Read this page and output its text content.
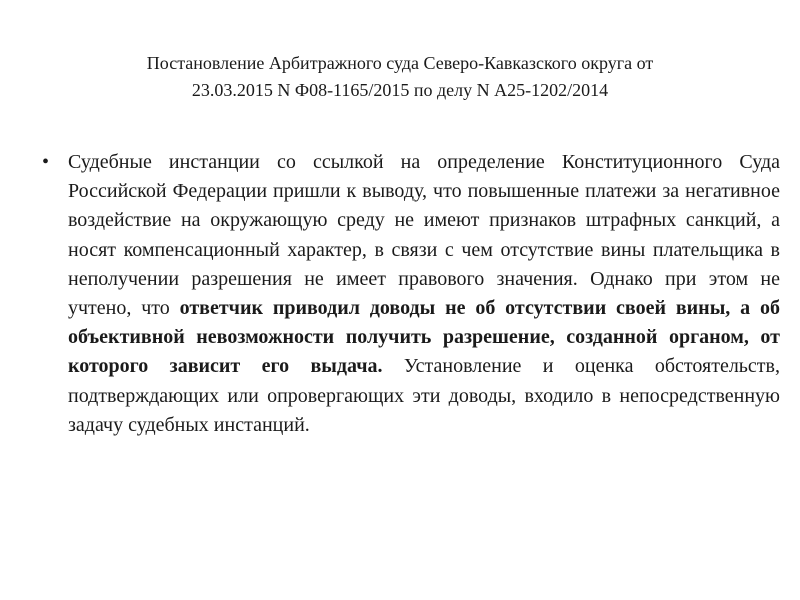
Постановление Арбитражного суда Северо-Кавказского округа от
23.03.2015 N Ф08-1165/2015 по делу N А25-1202/2014
• Судебные инстанции со ссылкой на определение Конституционного Суда Российской Федерации пришли к выводу, что повышенные платежи за негативное воздействие на окружающую среду не имеют признаков штрафных санкций, а носят компенсационный характер, в связи с чем отсутствие вины плательщика в неполучении разрешения не имеет правового значения. Однако при этом не учтено, что ответчик приводил доводы не об отсутствии своей вины, а об объективной невозможности получить разрешение, созданной органом, от которого зависит его выдача. Установление и оценка обстоятельств, подтверждающих или опровергающих эти доводы, входило в непосредственную задачу судебных инстанций.
